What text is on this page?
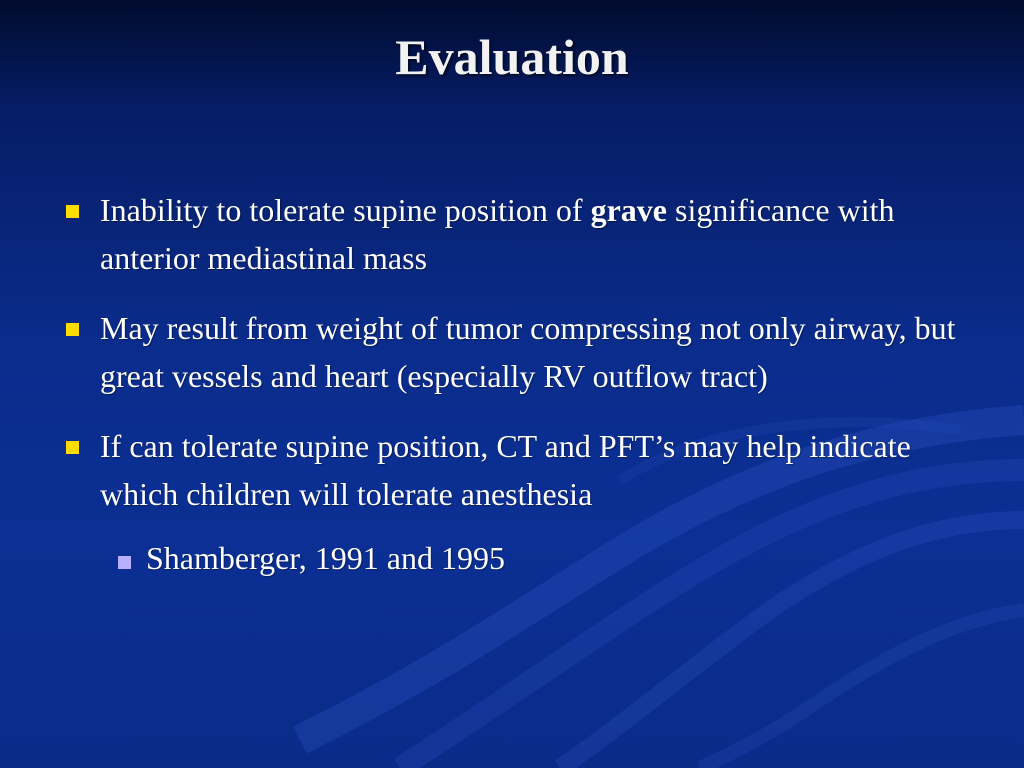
Evaluation
Inability to tolerate supine position of grave significance with anterior mediastinal mass
May result from weight of tumor compressing not only airway, but great vessels and heart (especially RV outflow tract)
If can tolerate supine position, CT and PFT’s may help indicate which children will tolerate anesthesia
Shamberger, 1991 and 1995
